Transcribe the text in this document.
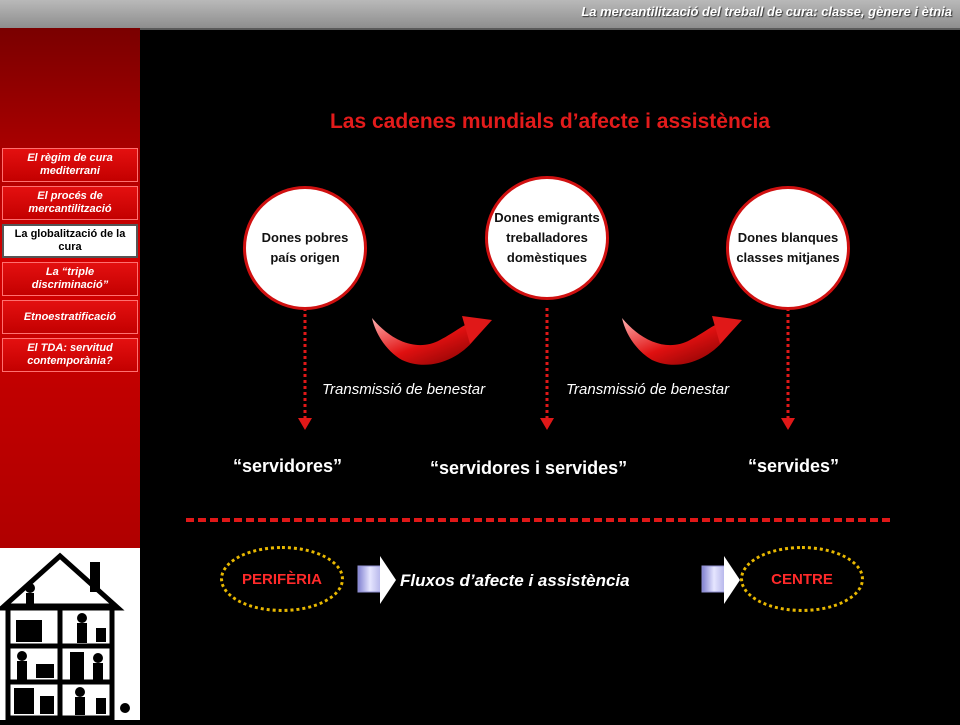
La mercantilització del treball de cura: classe, gènere i ètnia
El règim de cura mediterrani
El procés de mercantilització
La globalització de la cura
La “triple discriminació”
Etnoestratificació
El TDA: servitud contemporània?
Las cadenes mundials d’afecte i assistència
Dones pobres país origen
Dones emigrants treballadores domèstiques
Dones blanques classes mitjanes
Transmissió de benestar	Transmissió de benestar
“servidores”	“servidores i servides”	“servides”
PERIFÈRIA	Fluxos d’afecte i assistència	CENTRE
